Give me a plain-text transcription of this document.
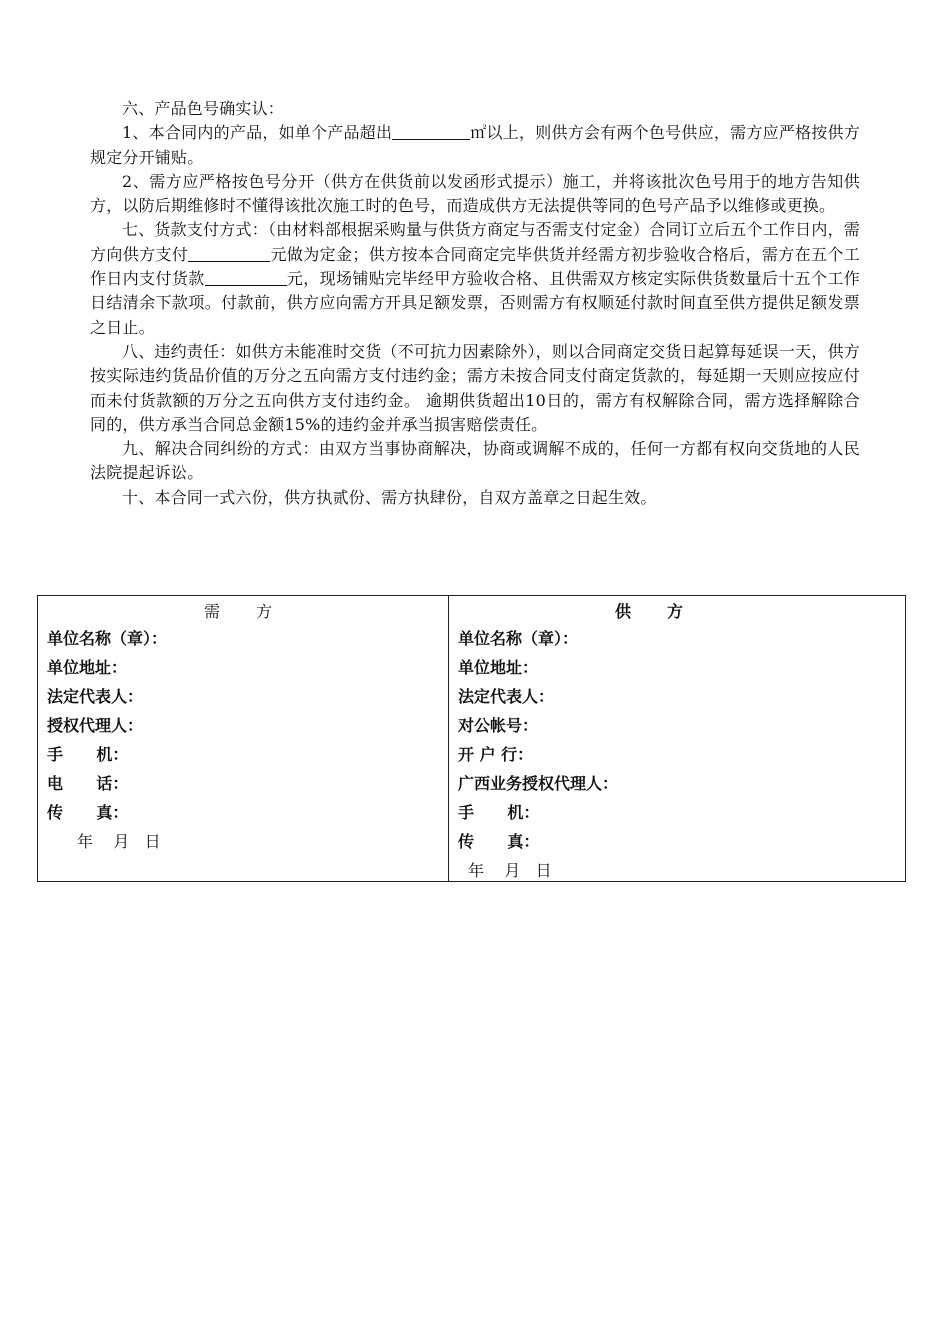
六、产品色号确实认：

1、本合同内的产品，如单个产品超出	㎡以上，则供方会有两个色号供应，需方应严格按供方规定分开铺贴。

2、需方应严格按色号分开（供方在供货前以发函形式提示）施工，并将该批次色号用于的地方告知供方，以防后期维修时不懂得该批次施工时的色号，而造成供方无法提供等同的色号产品予以维修或更换。

七、货款支付方式：（由材料部根据采购量与供货方商定与否需支付定金）合同订立后五个工作日内，需方向供方支付	元做为定金；供方按本合同商定完毕供货并经需方初步验收合格后，需方在五个工作日内支付货款	元，现场铺贴完毕经甲方验收合格、且供需双方核定实际供货数量后十五个工作日结清余下款项。付款前，供方应向需方开具足额发票，否则需方有权顺延付款时间直至供方提供足额发票之日止。

八、违约责任：如供方未能准时交货（不可抗力因素除外），则以合同商定交货日起算每延误一天，供方按实际违约货品价值的万分之五向需方支付违约金；需方未按合同支付商定货款的，每延期一天则应按应付而未付货款额的万分之五向供方支付违约金。 逾期供货超出10日的，需方有权解除合同，需方选择解除合同的，供方承当合同总金额15%的违约金并承当损害赔偿责任。

九、解决合同纠纷的方式：由双方当事协商解决，协商或调解不成的，任何一方都有权向交货地的人民法院提起诉讼。

十、本合同一式六份，供方执贰份、需方执肆份，自双方盖章之日起生效。

需方
单位名称（章）：
单位地址：
法定代表人：
授权代理人：
手      机：
电      话：
传      真：
年    月   日
供方
单位名称（章）：
单位地址：
法定代表人：
对公帐号：
开 户 行：
广西业务授权代理人：
手      机：
传      真：
年    月   日
